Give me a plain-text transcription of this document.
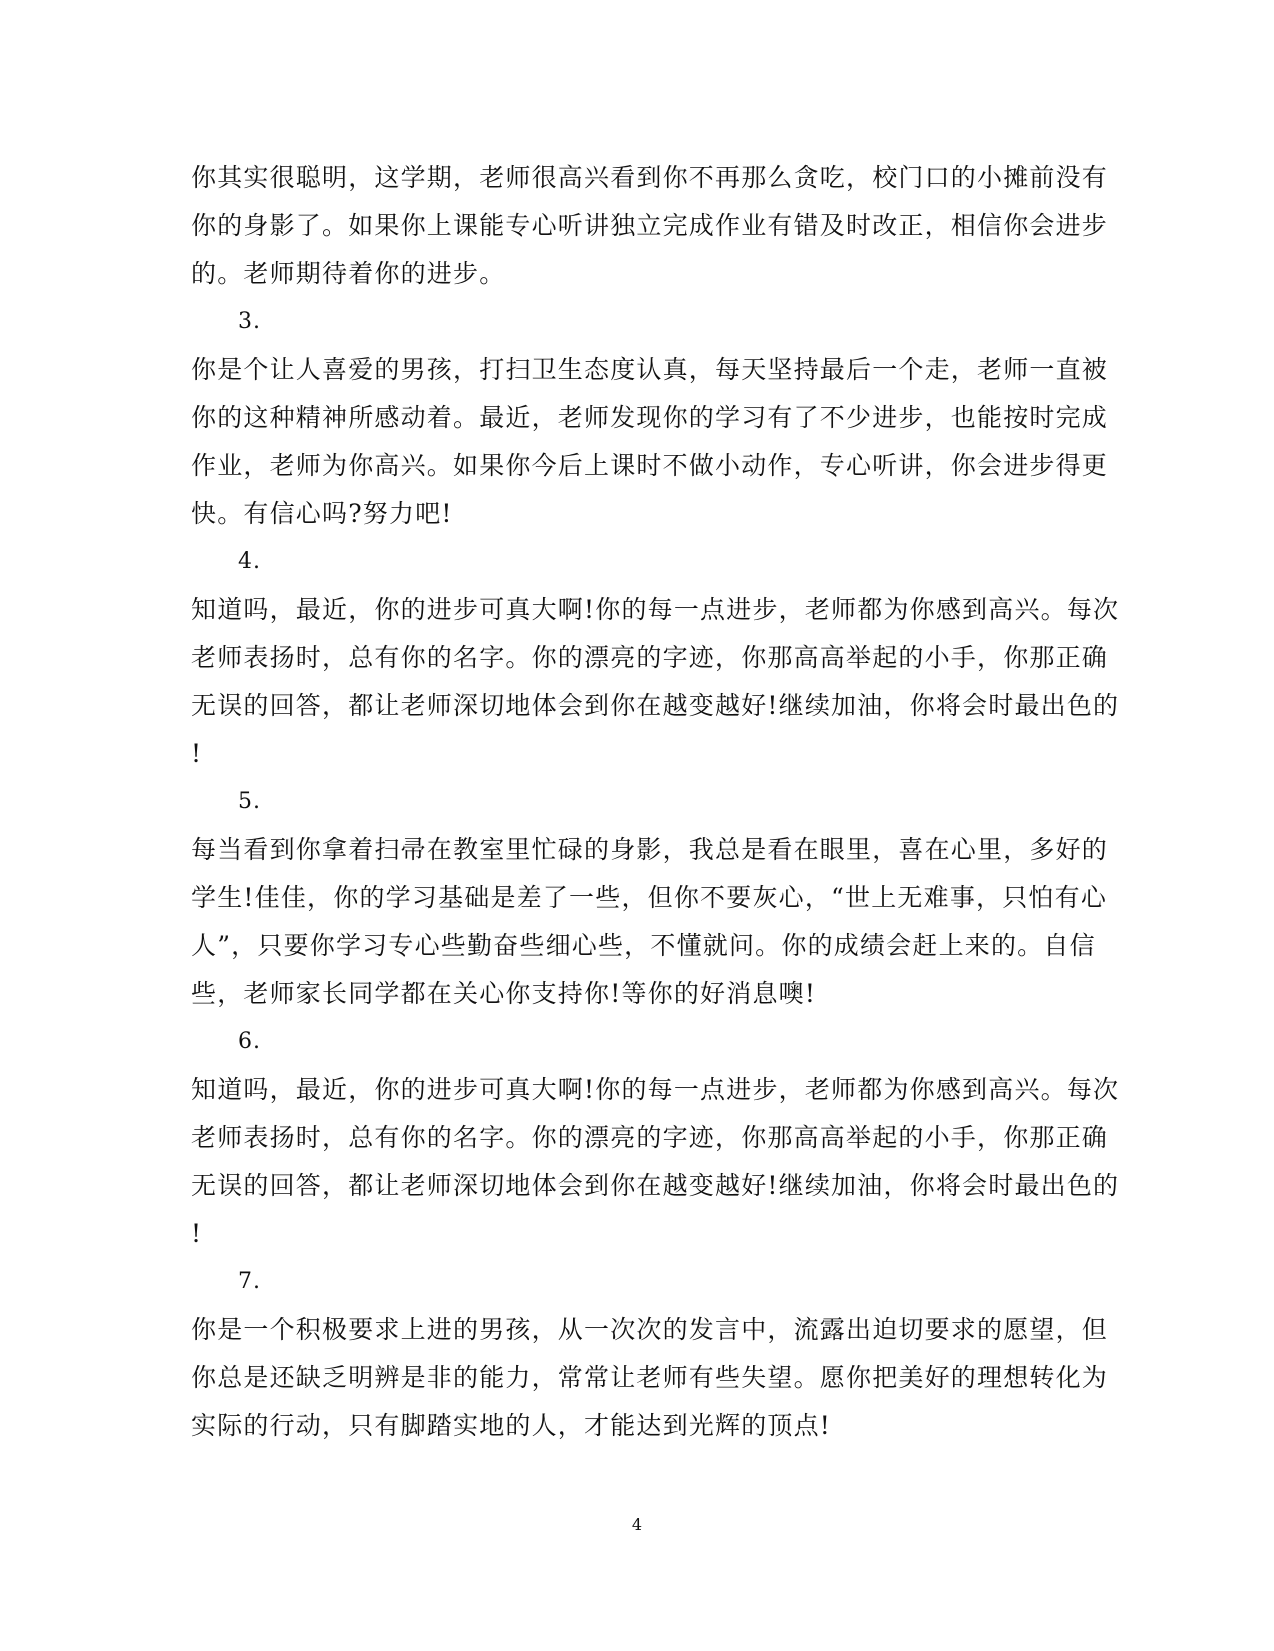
你其实很聪明，这学期，老师很高兴看到你不再那么贪吃，校门口的小摊前没有
你的身影了。如果你上课能专心听讲独立完成作业有错及时改正，相信你会进步
的。老师期待着你的进步。
3.
你是个让人喜爱的男孩，打扫卫生态度认真，每天坚持最后一个走，老师一直被
你的这种精神所感动着。最近，老师发现你的学习有了不少进步，也能按时完成
作业，老师为你高兴。如果你今后上课时不做小动作，专心听讲，你会进步得更
快。有信心吗?努力吧!
4.
知道吗，最近，你的进步可真大啊!你的每一点进步，老师都为你感到高兴。每次
老师表扬时，总有你的名字。你的漂亮的字迹，你那高高举起的小手，你那正确
无误的回答，都让老师深切地体会到你在越变越好!继续加油，你将会时最出色的
!
5.
每当看到你拿着扫帚在教室里忙碌的身影，我总是看在眼里，喜在心里，多好的
学生!佳佳，你的学习基础是差了一些，但你不要灰心，“世上无难事，只怕有心
人”，只要你学习专心些勤奋些细心些，不懂就问。你的成绩会赶上来的。自信
些，老师家长同学都在关心你支持你!等你的好消息噢!
6.
知道吗，最近，你的进步可真大啊!你的每一点进步，老师都为你感到高兴。每次
老师表扬时，总有你的名字。你的漂亮的字迹，你那高高举起的小手，你那正确
无误的回答，都让老师深切地体会到你在越变越好!继续加油，你将会时最出色的
!
7.
你是一个积极要求上进的男孩，从一次次的发言中，流露出迫切要求的愿望，但
你总是还缺乏明辨是非的能力，常常让老师有些失望。愿你把美好的理想转化为
实际的行动，只有脚踏实地的人，才能达到光辉的顶点!
4
